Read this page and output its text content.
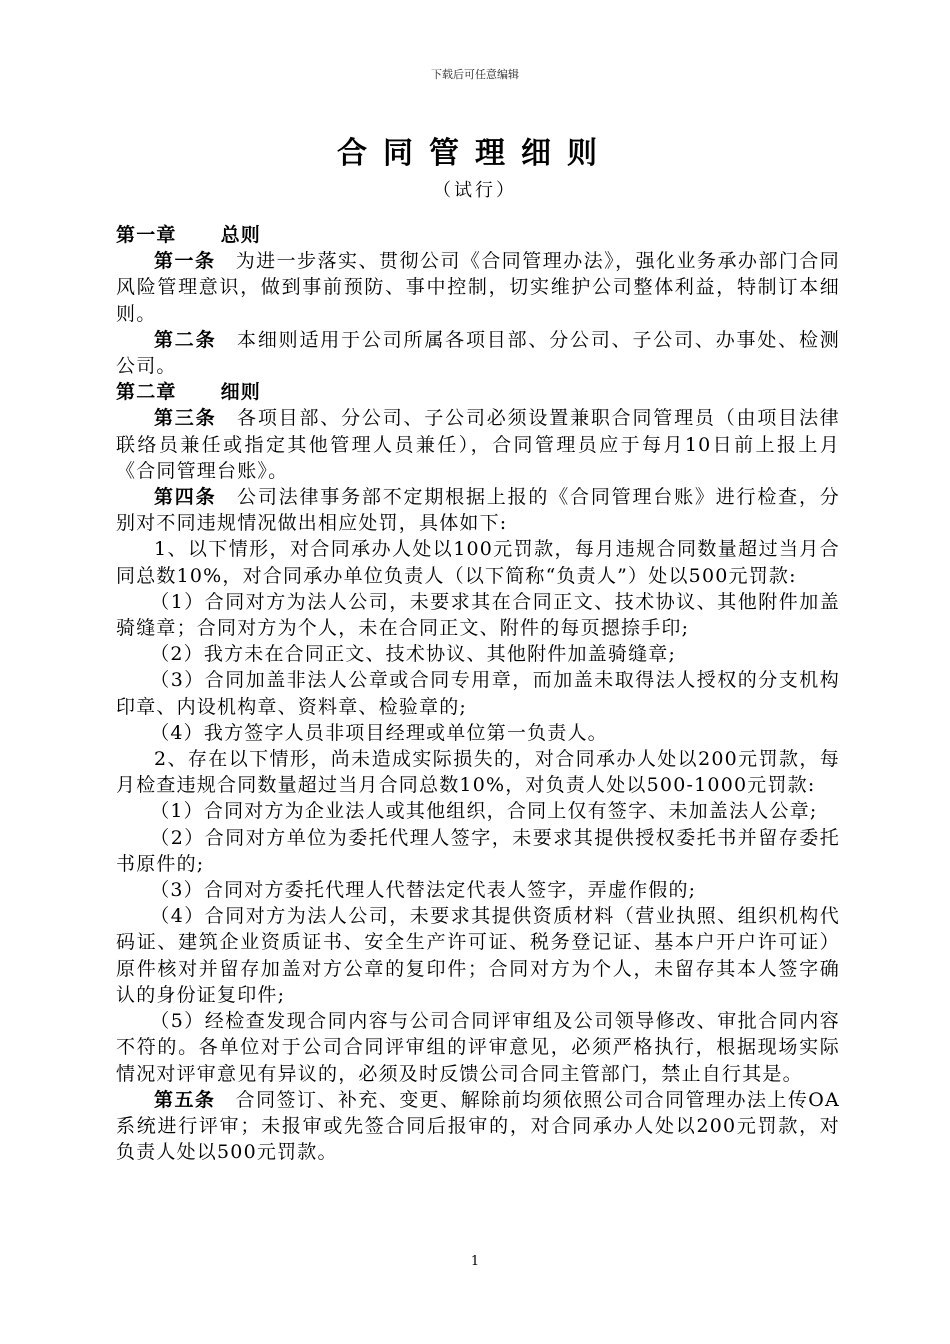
下载后可任意编辑
合同管理细则
（试行）

第一章 总则

第一条 为进一步落实、贯彻公司《合同管理办法》，强化业务承办部门合同风险管理意识，做到事前预防、事中控制，切实维护公司整体利益，特制订本细则。

第二条 本细则适用于公司所属各项目部、分公司、子公司、办事处、检测公司。

第二章 细则

第三条 各项目部、分公司、子公司必须设置兼职合同管理员（由项目法律联络员兼任或指定其他管理人员兼任），合同管理员应于每月10日前上报上月《合同管理台账》。

第四条 公司法律事务部不定期根据上报的《合同管理台账》进行检查，分别对不同违规情况做出相应处罚，具体如下:

1、以下情形，对合同承办人处以100元罚款，每月违规合同数量超过当月合同总数10%，对合同承办单位负责人（以下简称“负责人”）处以500元罚款:

（1）合同对方为法人公司，未要求其在合同正文、技术协议、其他附件加盖骑缝章；合同对方为个人，未在合同正文、附件的每页摁捺手印;

（2）我方未在合同正文、技术协议、其他附件加盖骑缝章;

（3）合同加盖非法人公章或合同专用章，而加盖未取得法人授权的分支机构印章、内设机构章、资料章、检验章的;

（4）我方签字人员非项目经理或单位第一负责人。

2、存在以下情形，尚未造成实际损失的，对合同承办人处以200元罚款，每月检查违规合同数量超过当月合同总数10%，对负责人处以500-1000元罚款:

（1）合同对方为企业法人或其他组织，合同上仅有签字、未加盖法人公章;

（2）合同对方单位为委托代理人签字，未要求其提供授权委托书并留存委托书原件的;

（3）合同对方委托代理人代替法定代表人签字，弄虚作假的;

（4）合同对方为法人公司，未要求其提供资质材料（营业执照、组织机构代码证、建筑企业资质证书、安全生产许可证、税务登记证、基本户开户许可证）原件核对并留存加盖对方公章的复印件；合同对方为个人，未留存其本人签字确认的身份证复印件;

（5）经检查发现合同内容与公司合同评审组及公司领导修改、审批合同内容不符的。各单位对于公司合同评审组的评审意见，必须严格执行，根据现场实际情况对评审意见有异议的，必须及时反馈公司合同主管部门，禁止自行其是。

第五条 合同签订、补充、变更、解除前均须依照公司合同管理办法上传OA系统进行评审；未报审或先签合同后报审的，对合同承办人处以200元罚款，对负责人处以500元罚款。

1
